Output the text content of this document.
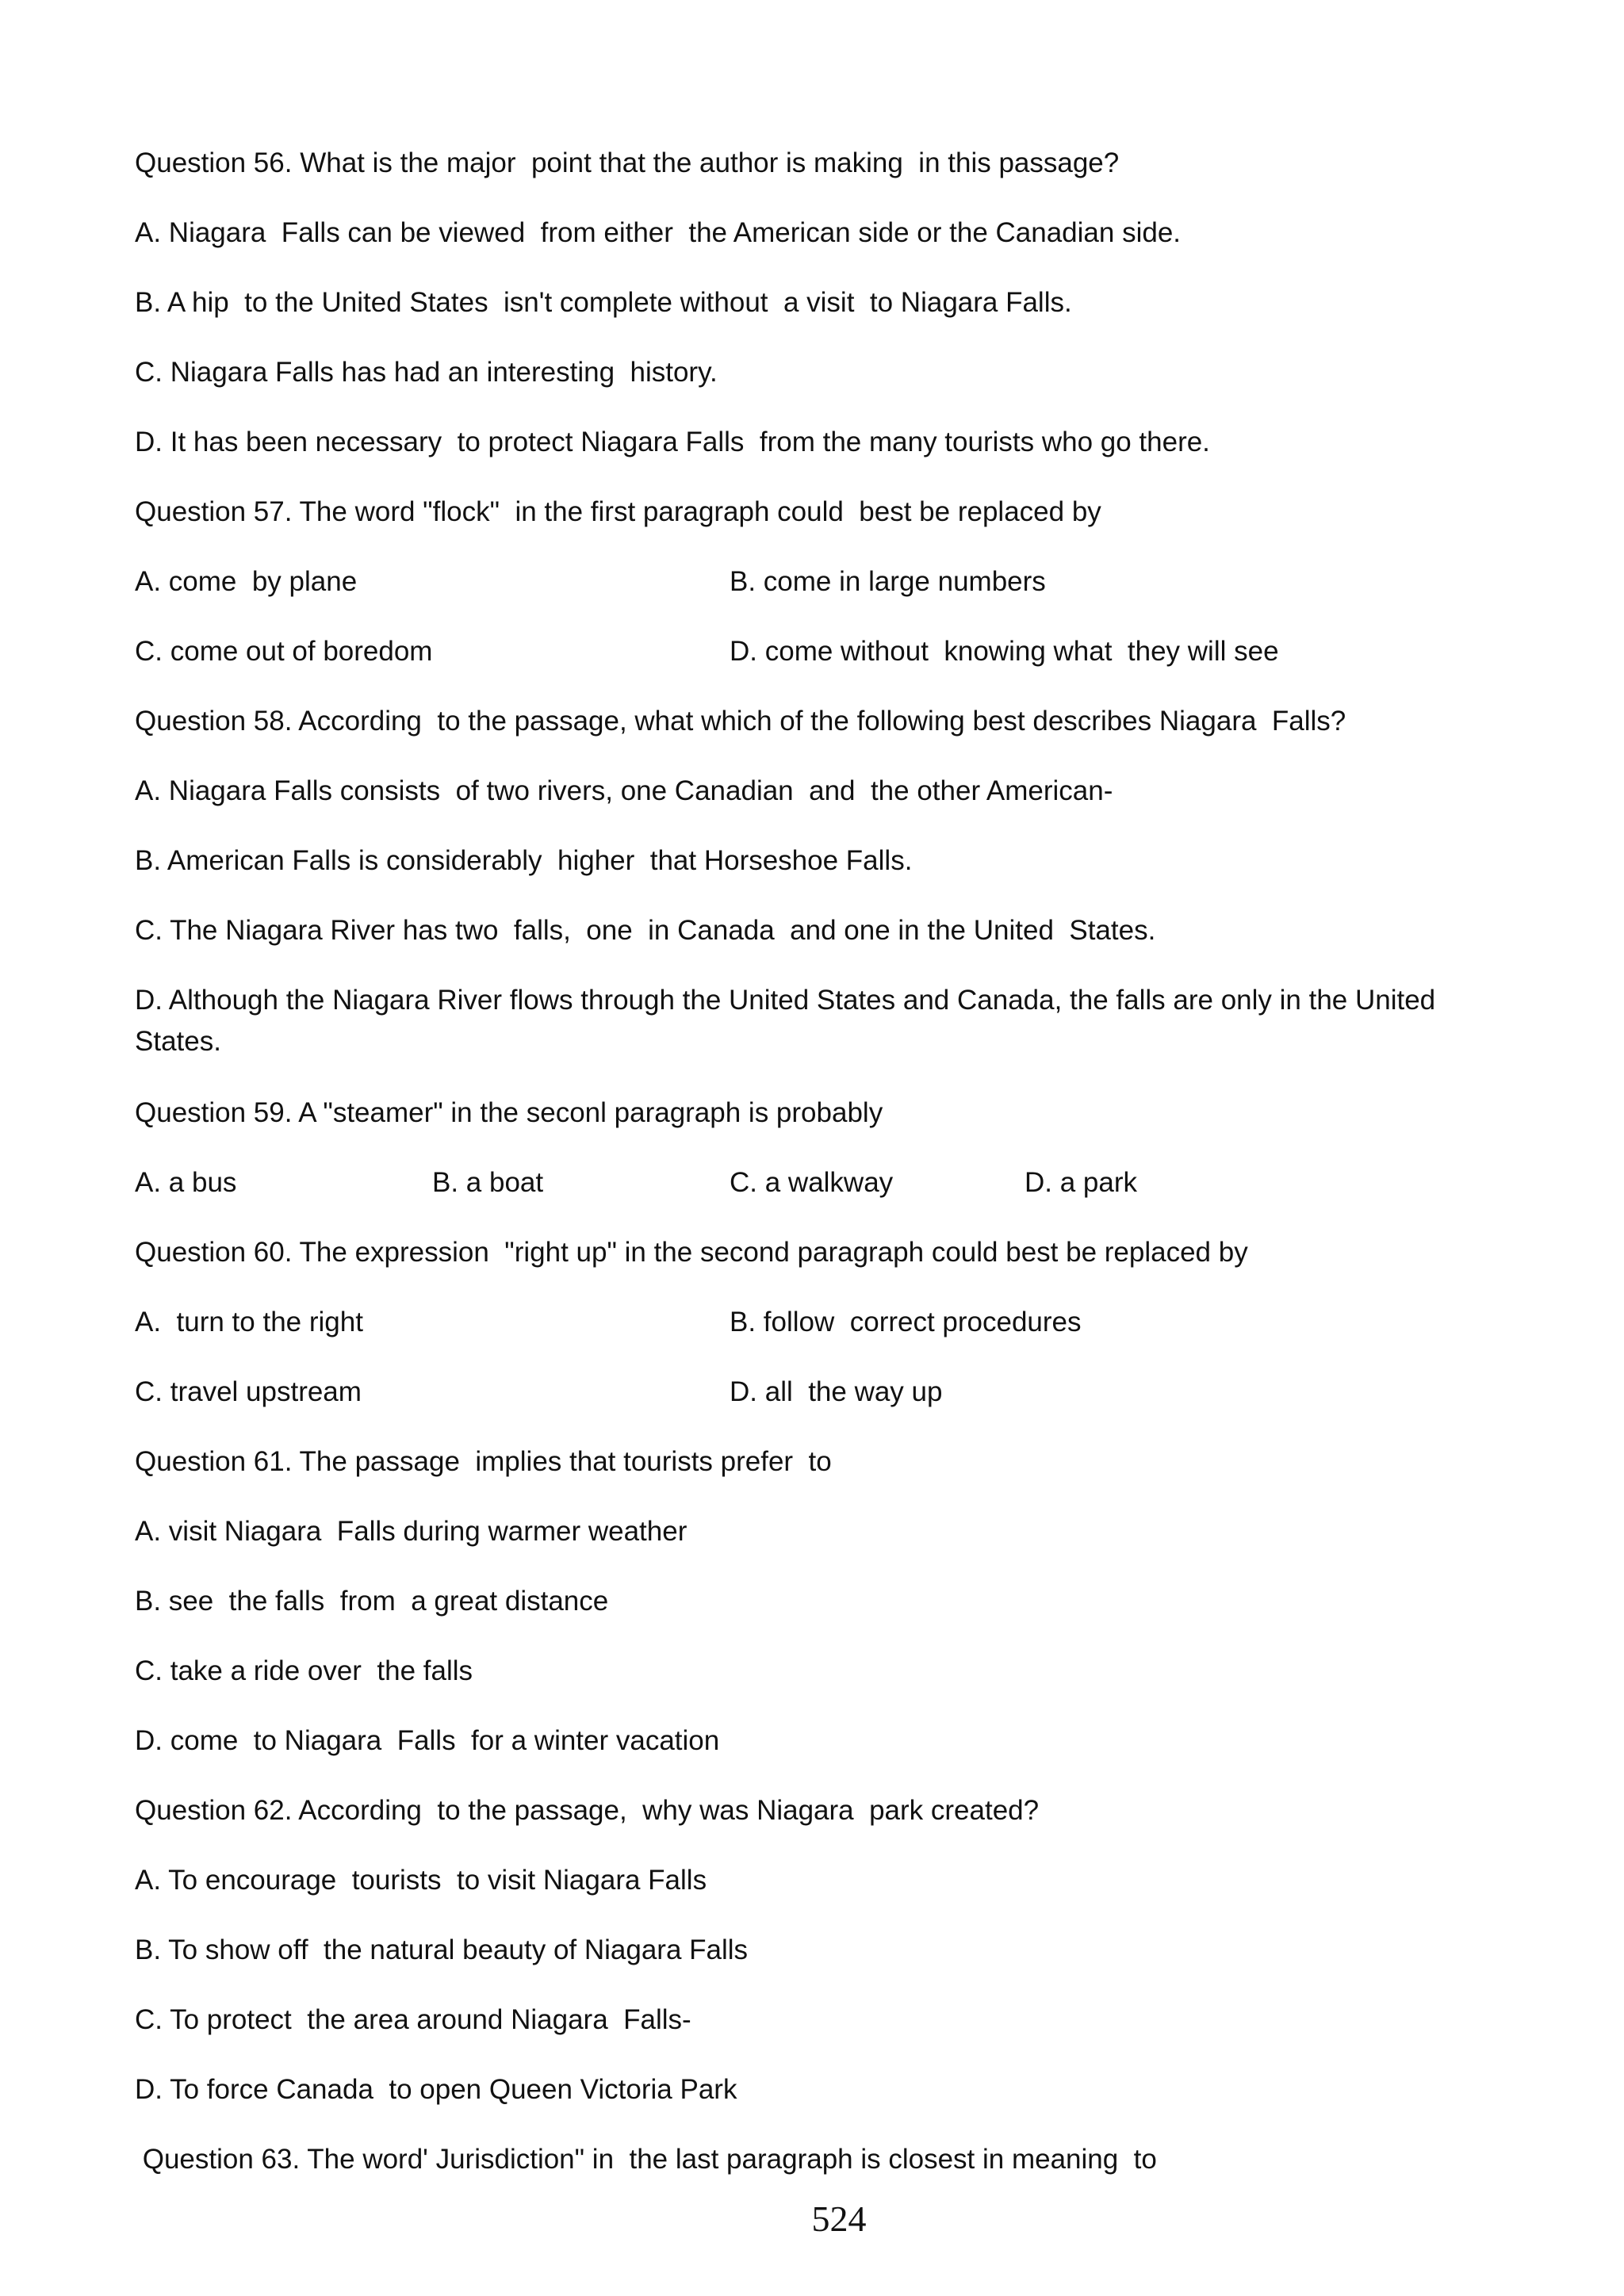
Question 56. What is the major  point that the author is making  in this passage?
A. Niagara  Falls can be viewed  from either  the American side or the Canadian side.
B. A hip  to the United States  isn't complete without  a visit  to Niagara Falls.
C. Niagara Falls has had an interesting  history.
D. It has been necessary  to protect Niagara Falls  from the many tourists who go there.
Question 57. The word "flock"  in the first paragraph could  best be replaced by
A. come  by plane	B. come in large numbers
C. come out of boredom	D. come without  knowing what  they will see
Question 58. According  to the passage, what which of the following best describes Niagara  Falls?
A. Niagara Falls consists  of two rivers, one Canadian  and  the other American-
B. American Falls is considerably  higher  that Horseshoe Falls.
C. The Niagara River has two  falls,  one  in Canada  and one in the United  States.
D. Although the Niagara River flows through the United States and Canada, the falls are only in the United States.
Question 59. A "steamer" in the seconl paragraph is probably
A. a bus	B. a boat	C. a walkway	D. a park
Question 60. The expression  "right up" in the second paragraph could best be replaced by
A.  turn to the right	B. follow  correct procedures
C. travel upstream	D. all  the way up
Question 61. The passage  implies that tourists prefer  to
A. visit Niagara  Falls during warmer weather
B. see  the falls  from  a great distance
C. take a ride over  the falls
D. come  to Niagara  Falls  for a winter vacation
Question 62. According  to the passage,  why was Niagara  park created?
A. To encourage  tourists  to visit Niagara Falls
B. To show off  the natural beauty of Niagara Falls
C. To protect  the area around Niagara  Falls-
D. To force Canada  to open Queen Victoria Park
Question 63. The word' Jurisdiction" in  the last paragraph is closest in meaning  to
524
